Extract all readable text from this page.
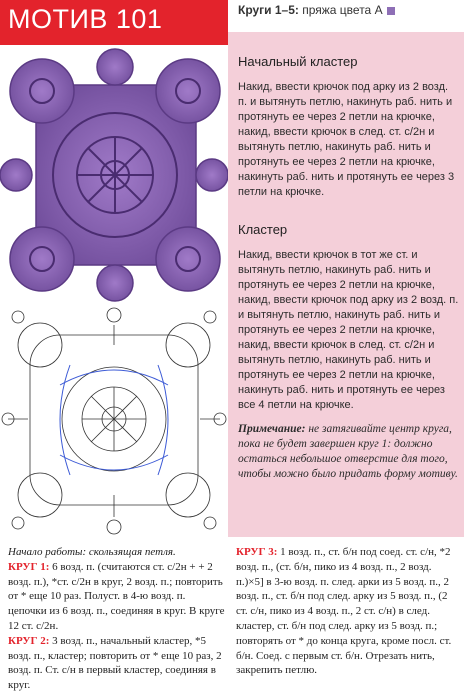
МОТИВ 101	Круги 1–5: пряжа цвета А
Начальный кластер
Накид, ввести крючок под арку из 2 возд. п. и вытянуть петлю, накинуть раб. нить и протянуть ее через 2 петли на крючке, накид, ввести крючок в след. ст. с/2н и вытянуть петлю, накинуть раб. нить и протянуть ее через 2 петли на крючке, накинуть раб. нить и протянуть ее через 3 петли на крючке.
Кластер
Накид, ввести крючок в тот же ст. и вытянуть петлю, накинуть раб. нить и протянуть ее через 2 петли на крючке, накид, ввести крючок под арку из 2 возд. п. и вытянуть петлю, накинуть раб. нить и протянуть ее через 2 петли на крючке, накид, ввести крючок в след. ст. с/2н и вытянуть петлю, накинуть раб. нить и протянуть ее через 2 петли на крючке, накинуть раб. нить и протянуть ее через все 4 петли на крючке.
Примечание: не затягивайте центр круга, пока не будет завершен круг 1: должно остаться небольшое отверстие для того, чтобы можно было придать форму мотиву.
Начало работы: скользящая петля.
КРУГ 1: 6 возд. п. (считаются ст. с/2н + + 2 возд. п.), *ст. с/2н в круг, 2 возд. п.; повторить от * еще 10 раз. Полуст. в 4-ю возд. п. цепочки из 6 возд. п., соединяя в круг. В круге 12 ст. с/2н.
КРУГ 2: 3 возд. п., начальный кластер, *5 возд. п., кластер; повторить от * еще 10 раз, 2 возд. п. Ст. с/н в первый кластер, соединяя в круг.
КРУГ 3: 1 возд. п., ст. б/н под соед. ст. с/н, *2 возд. п., (ст. б/н, пико из 4 возд. п., 2 возд. п.)×5] в 3-ю возд. п. след. арки из 5 возд. п., 2 возд. п., ст. б/н под след. арку из 5 возд. п., (2 ст. с/н, пико из 4 возд. п., 2 ст. с/н) в след. кластер, ст. б/н под след. арку из 5 возд. п.; повторять от * до конца круга, кроме посл. ст. б/н. Соед. с первым ст. б/н. Отрезать нить, закрепить петлю.
